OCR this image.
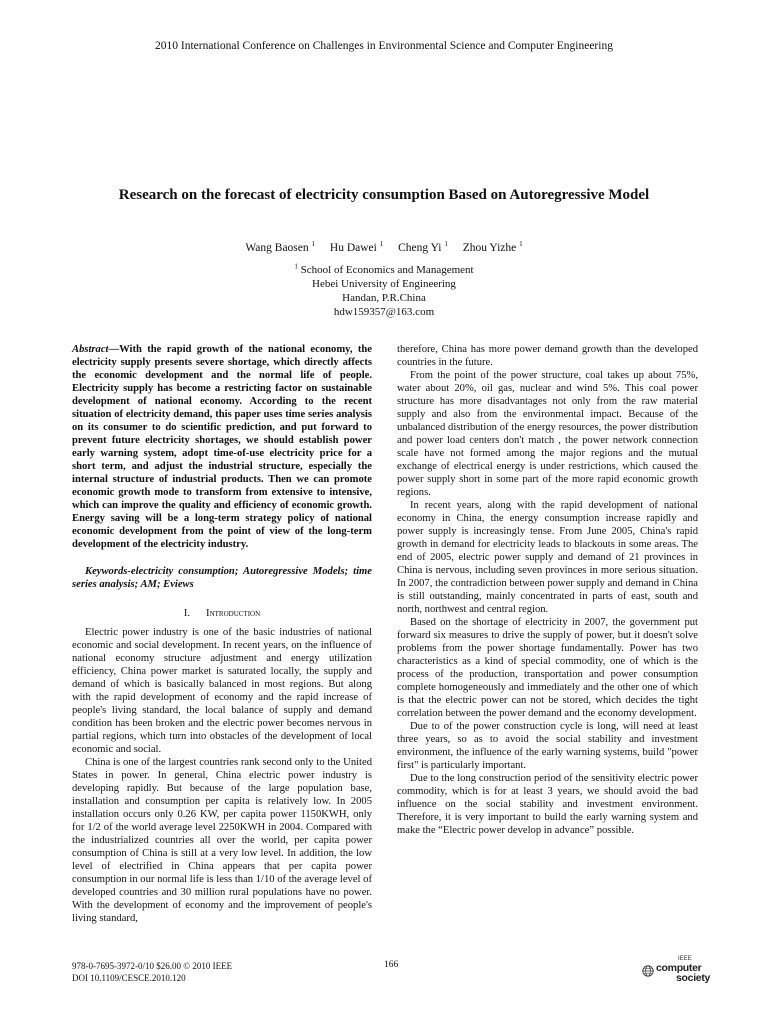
2010 International Conference on Challenges in Environmental Science and Computer Engineering
Research on the forecast of electricity consumption Based on Autoregressive Model
Wang Baosen $^1$ Hu Dawei $^1$ Cheng Yi $^1$ Zhou Yizhe $^1$
$^1$ School of Economics and Management
Hebei University of Engineering
Handan, P.R.China
hdw159357@163.com

Abstract—With the rapid growth of the national economy, the electricity supply presents severe shortage, which directly affects the economic development and the normal life of people. Electricity supply has become a restricting factor on sustainable development of national economy. According to the recent situation of electricity demand, this paper uses time series analysis on its consumer to do scientific prediction, and put forward to prevent future electricity shortages, we should establish power early warning system, adopt time-of-use electricity price for a short term, and adjust the industrial structure, especially the internal structure of industrial products. Then we can promote economic growth mode to transform from extensive to intensive, which can improve the quality and efficiency of economic growth. Energy saving will be a long-term strategy policy of national economic development from the point of view of the long-term development of the electricity industry.

Keywords-electricity consumption; Autoregressive Models; time series analysis; AM; Eviews

I. Introduction

Electric power industry is one of the basic industries of national economic and social development. In recent years, on the influence of national economy structure adjustment and energy utilization efficiency, China power market is saturated locally, the supply and demand of which is basically balanced in most regions. But along with the rapid development of economy and the rapid increase of people's living standard, the local balance of supply and demand condition has been broken and the electric power becomes nervous in partial regions, which turn into obstacles of the development of local economic and social.

China is one of the largest countries rank second only to the United States in power. In general, China electric power industry is developing rapidly. But because of the large population base, installation and consumption per capita is relatively low. In 2005 installation occurs only 0.26 KW, per capita power 1150KWH, only for 1/2 of the world average level 2250KWH in 2004. Compared with the industrialized countries all over the world, per capita power consumption of China is still at a very low level. In addition, the low level of electrified in China appears that per capita power consumption in our normal life is less than 1/10 of the average level of developed countries and 30 million rural populations have no power. With the development of economy and the improvement of people's living standard,

therefore, China has more power demand growth than the developed countries in the future.

From the point of the power structure, coal takes up about 75%, water about 20%, oil gas, nuclear and wind 5%. This coal power structure has more disadvantages not only from the raw material supply and also from the environmental impact. Because of the unbalanced distribution of the energy resources, the power distribution and power load centers don't match , the power network connection scale have not formed among the major regions and the mutual exchange of electrical energy is under restrictions, which caused the power supply short in some part of the more rapid economic growth regions.

In recent years, along with the rapid development of national economy in China, the energy consumption increase rapidly and power supply is increasingly tense. From June 2005, China's rapid growth in demand for electricity leads to blackouts in some areas. The end of 2005, electric power supply and demand of 21 provinces in China is nervous, including seven provinces in more serious situation. In 2007, the contradiction between power supply and demand in China is still outstanding, mainly concentrated in parts of east, south and north, northwest and central region.

Based on the shortage of electricity in 2007, the government put forward six measures to drive the supply of power, but it doesn't solve problems from the power shortage fundamentally. Power has two characteristics as a kind of special commodity, one of which is the process of the production, transportation and power consumption complete homogeneously and immediately and the other one of which is that the electric power can not be stored, which decides the tight correlation between the power demand and the economy development.

Due to of the power construction cycle is long, will need at least three years, so as to avoid the social stability and investment environment, the influence of the early warning systems, build "power first" is particularly important.

Due to the long construction period of the sensitivity electric power commodity, which is for at least 3 years, we should avoid the bad influence on the social stability and investment environment. Therefore, it is very important to build the early warning system and make the “Electric power develop in advance” possible.

978-0-7695-3972-0/10 $26.00 © 2010 IEEE
DOI 10.1109/CESCE.2010.120
166
IEEE
computer
society
